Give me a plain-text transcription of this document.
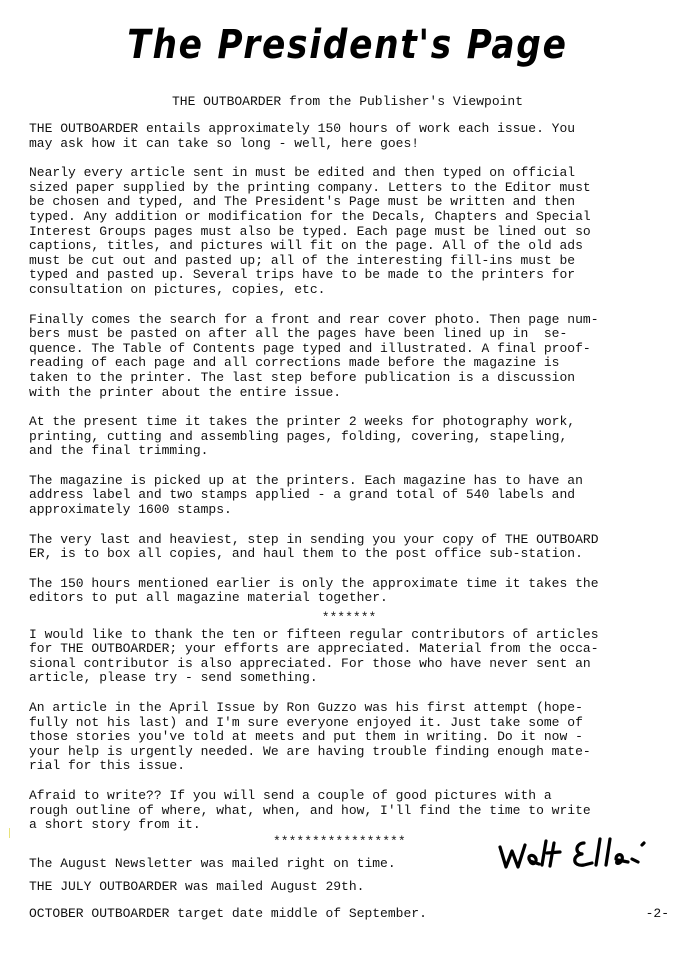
The President's Page
THE OUTBOARDER from the Publisher's Viewpoint

THE OUTBOARDER entails approximately 150 hours of work each issue. You
may ask how it can take so long - well, here goes!

Nearly every article sent in must be edited and then typed on official
sized paper supplied by the printing company. Letters to the Editor must
be chosen and typed, and The President's Page must be written and then
typed. Any addition or modification for the Decals, Chapters and Special
Interest Groups pages must also be typed. Each page must be lined out so
captions, titles, and pictures will fit on the page. All of the old ads
must be cut out and pasted up; all of the interesting fill-ins must be
typed and pasted up. Several trips have to be made to the printers for
consultation on pictures, copies, etc.

Finally comes the search for a front and rear cover photo. Then page num-
bers must be pasted on after all the pages have been lined up in  se-
quence. The Table of Contents page typed and illustrated. A final proof-
reading of each page and all corrections made before the magazine is
taken to the printer. The last step before publication is a discussion
with the printer about the entire issue.

At the present time it takes the printer 2 weeks for photography work,
printing, cutting and assembling pages, folding, covering, stapeling,
and the final trimming.

The magazine is picked up at the printers. Each magazine has to have an
address label and two stamps applied - a grand total of 540 labels and
approximately 1600 stamps.

The very last and heaviest, step in sending you your copy of THE OUTBOARD
ER, is to box all copies, and haul them to the post office sub-station.

The 150 hours mentioned earlier is only the approximate time it takes the
editors to put all magazine material together.

*******

I would like to thank the ten or fifteen regular contributors of articles
for THE OUTBOARDER; your efforts are appreciated. Material from the occa-
sional contributor is also appreciated. For those who have never sent an
article, please try - send something.

An article in the April Issue by Ron Guzzo was his first attempt (hope-
fully not his last) and I'm sure everyone enjoyed it. Just take some of
those stories you've told at meets and put them in writing. Do it now -
your help is urgently needed. We are having trouble finding enough mate-
rial for this issue.

Afraid to write?? If you will send a couple of good pictures with a
rough outline of where, what, when, and how, I'll find the time to write
a short story from it.

*****************
The August Newsletter was mailed right on time.
THE JULY OUTBOARDER was mailed August 29th.
OCTOBER OUTBOARDER target date middle of September.	-2-
